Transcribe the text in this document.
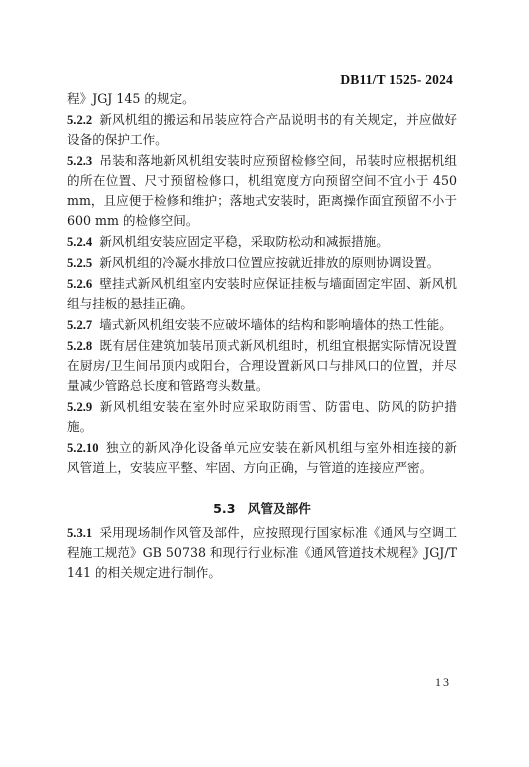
DB11/T 1525- 2024

程》JGJ 145 的规定。

5.2.2 新风机组的搬运和吊装应符合产品说明书的有关规定，并应做好设备的保护工作。

5.2.3 吊装和落地新风机组安装时应预留检修空间，吊装时应根据机组的所在位置、尺寸预留检修口，机组宽度方向预留空间不宜小于 450 mm，且应便于检修和维护；落地式安装时，距离操作面宜预留不小于 600 mm 的检修空间。

5.2.4 新风机组安装应固定平稳，采取防松动和减振措施。

5.2.5 新风机组的冷凝水排放口位置应按就近排放的原则协调设置。

5.2.6 壁挂式新风机组室内安装时应保证挂板与墙面固定牢固、新风机组与挂板的悬挂正确。

5.2.7 墙式新风机组安装不应破坏墙体的结构和影响墙体的热工性能。

5.2.8 既有居住建筑加装吊顶式新风机组时，机组宜根据实际情况设置在厨房/卫生间吊顶内或阳台，合理设置新风口与排风口的位置，并尽量减少管路总长度和管路弯头数量。

5.2.9 新风机组安装在室外时应采取防雨雪、防雷电、防风的防护措施。

5.2.10 独立的新风净化设备单元应安装在新风机组与室外相连接的新风管道上，安装应平整、牢固、方向正确，与管道的连接应严密。

5.3 风管及部件

5.3.1 采用现场制作风管及部件，应按照现行国家标准《通风与空调工程施工规范》GB 50738 和现行行业标准《通风管道技术规程》JGJ/T 141 的相关规定进行制作。

13
